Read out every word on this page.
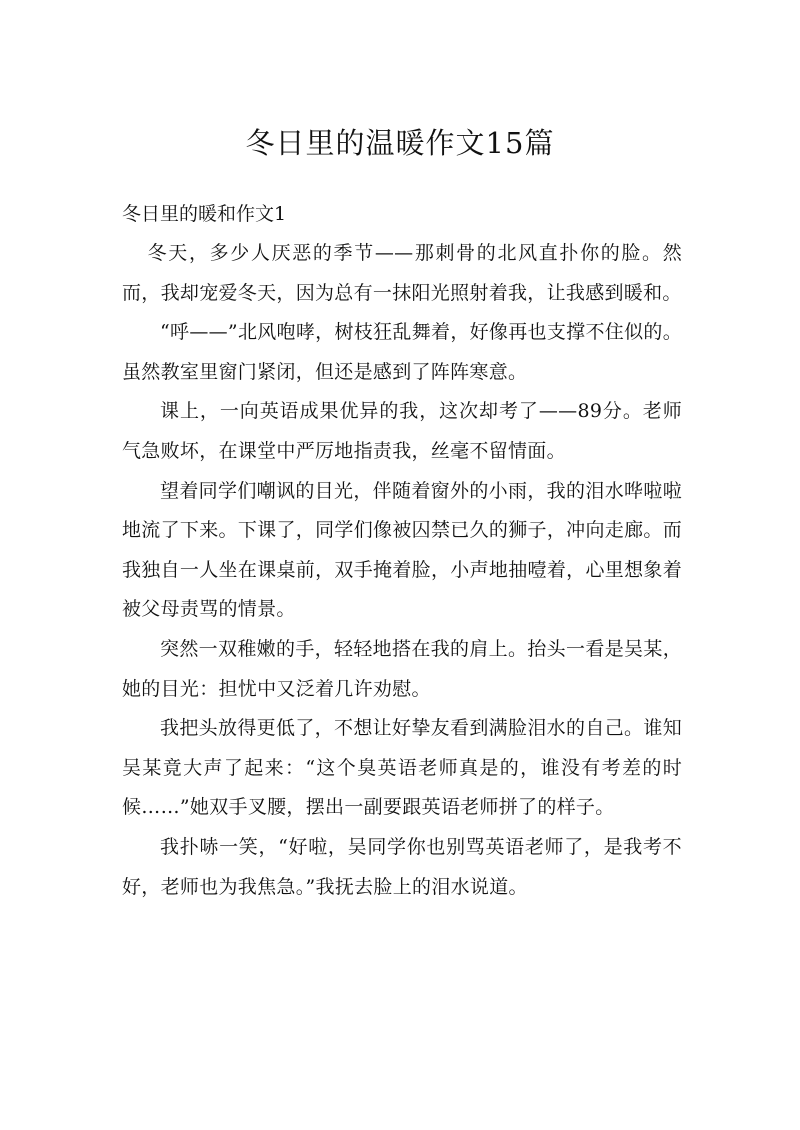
冬日里的温暖作文15篇

冬日里的暖和作文1

冬天，多少人厌恶的季节——那刺骨的北风直扑你的脸。然而，我却宠爱冬天，因为总有一抹阳光照射着我，让我感到暖和。

“呼——”北风咆哮，树枝狂乱舞着，好像再也支撑不住似的。虽然教室里窗门紧闭，但还是感到了阵阵寒意。

课上，一向英语成果优异的我，这次却考了——89分。老师气急败坏，在课堂中严厉地指责我，丝毫不留情面。

望着同学们嘲讽的目光，伴随着窗外的小雨，我的泪水哗啦啦地流了下来。下课了，同学们像被囚禁已久的狮子，冲向走廊。而我独自一人坐在课桌前，双手掩着脸，小声地抽噎着，心里想象着被父母责骂的情景。

突然一双稚嫩的手，轻轻地搭在我的肩上。抬头一看是吴某，她的目光：担忧中又泛着几许劝慰。

我把头放得更低了，不想让好挚友看到满脸泪水的自己。谁知吴某竟大声了起来：“这个臭英语老师真是的，谁没有考差的时候……”她双手叉腰，摆出一副要跟英语老师拼了的样子。

我扑哧一笑，“好啦，吴同学你也别骂英语老师了，是我考不好，老师也为我焦急。”我抚去脸上的泪水说道。
